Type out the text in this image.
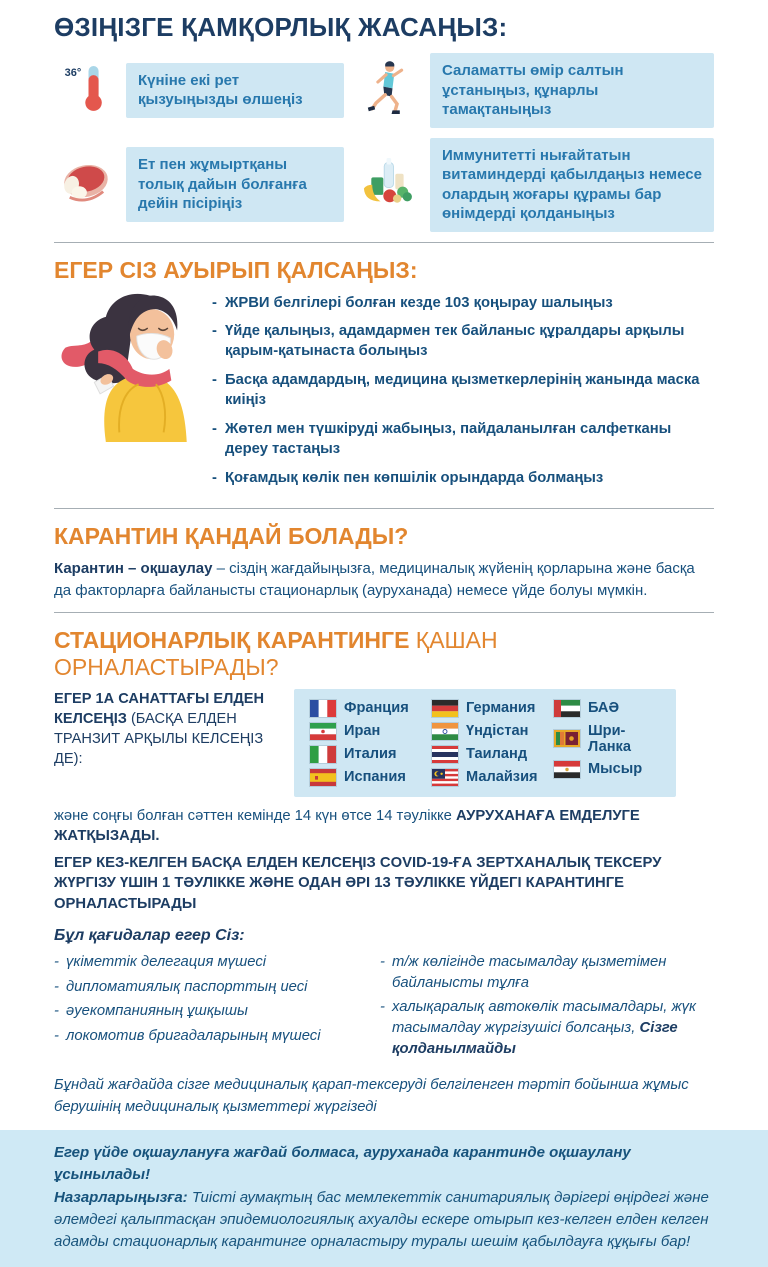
ӨЗІҢІЗГЕ ҚАМҚОРЛЫҚ ЖАСАҢЫЗ:
36°	Күніне екі рет қызуыңызды өлшеңіз
Саламатты өмір салтын ұстаныңыз, құнарлы тамақтаныңыз
Ет пен жұмыртқаны толық дайын болғанға дейін пісіріңіз
Иммунитетті нығайтатын витаминдерді қабылдаңыз немесе олардың жоғары құрамы бар өнімдерді қолданыңыз
ЕГЕР СІЗ АУЫРЫП ҚАЛСАҢЫЗ:
- ЖРВИ белгілері болған кезде 103 қоңырау шалыңыз
- Үйде қалыңыз, адамдармен тек байланыс құралдары арқылы қарым-қатынаста болыңыз
- Басқа адамдардың, медицина қызметкерлерінің жанында маска киіңіз
- Жөтел мен түшкіруді жабыңыз, пайдаланылған салфетканы дереу тастаңыз
- Қоғамдық көлік пен көпшілік орындарда болмаңыз
КАРАНТИН ҚАНДАЙ БОЛАДЫ?

Карантин – оқшаулау – сіздің жағдайыңызға, медициналық жүйенің қорларына және басқа да факторларға байланысты стационарлық (ауруханада) немесе үйде болуы мүмкін.

СТАЦИОНАРЛЫҚ КАРАНТИНГЕ ҚАШАН ОРНАЛАСТЫРАДЫ?
ЕГЕР 1А САНАТТАҒЫ ЕЛДЕН КЕЛСЕҢІЗ (БАСҚА ЕЛДЕН ТРАНЗИТ АРҚЫЛЫ КЕЛСЕҢІЗ ДЕ):
Франция
Иран
Италия
Испания
Германия
Үндістан
Таиланд
Малайзия
БАӘ
Шри-Ланка
Мысыр

және соңғы болған сәттен кемінде 14 күн өтсе 14 тәулікке АУРУХАНАҒА ЕМДЕЛУГЕ ЖАТҚЫЗАДЫ.

ЕГЕР КЕЗ-КЕЛГЕН БАСҚА ЕЛДЕН КЕЛСЕҢІЗ COVID-19-ҒА ЗЕРТХАНАЛЫҚ ТЕКСЕРУ ЖҮРГІЗУ ҮШІН 1 ТӘУЛІККЕ ЖӘНЕ ОДАН ӘРІ 13 ТӘУЛІККЕ ҮЙДЕГІ КАРАНТИНГЕ ОРНАЛАСТЫРАДЫ

Бұл қағидалар егер Сіз:
- үкіметтік делегация мүшесі
- дипломатиялық паспорттың иесі
- әуекомпанияның ұшқышы
- локомотив бригадаларының мүшесі
- т/ж көлігінде тасымалдау қызметімен байланысты тұлға
- халықаралық автокөлік тасымалдары, жүк тасымалдау жүргізушісі болсаңыз, Сізге қолданылмайды

Бұндай жағдайда сізге медициналық қарап-тексеруді белгіленген тәртіп бойынша жұмыс берушінің медициналық қызметтері жүргізеді

Егер үйде оқшаулануға жағдай болмаса, ауруханада карантинде оқшаулану ұсынылады!

Назарларыңызға: Тиісті аумақтың бас мемлекеттік санитариялық дәрігері өңірдегі және әлемдегі қалыптасқан эпидемиологиялық ахуалды ескере отырып кез-келген елден келген адамды стационарлық карантинге орналастыру туралы шешім қабылдауға құқығы бар!
